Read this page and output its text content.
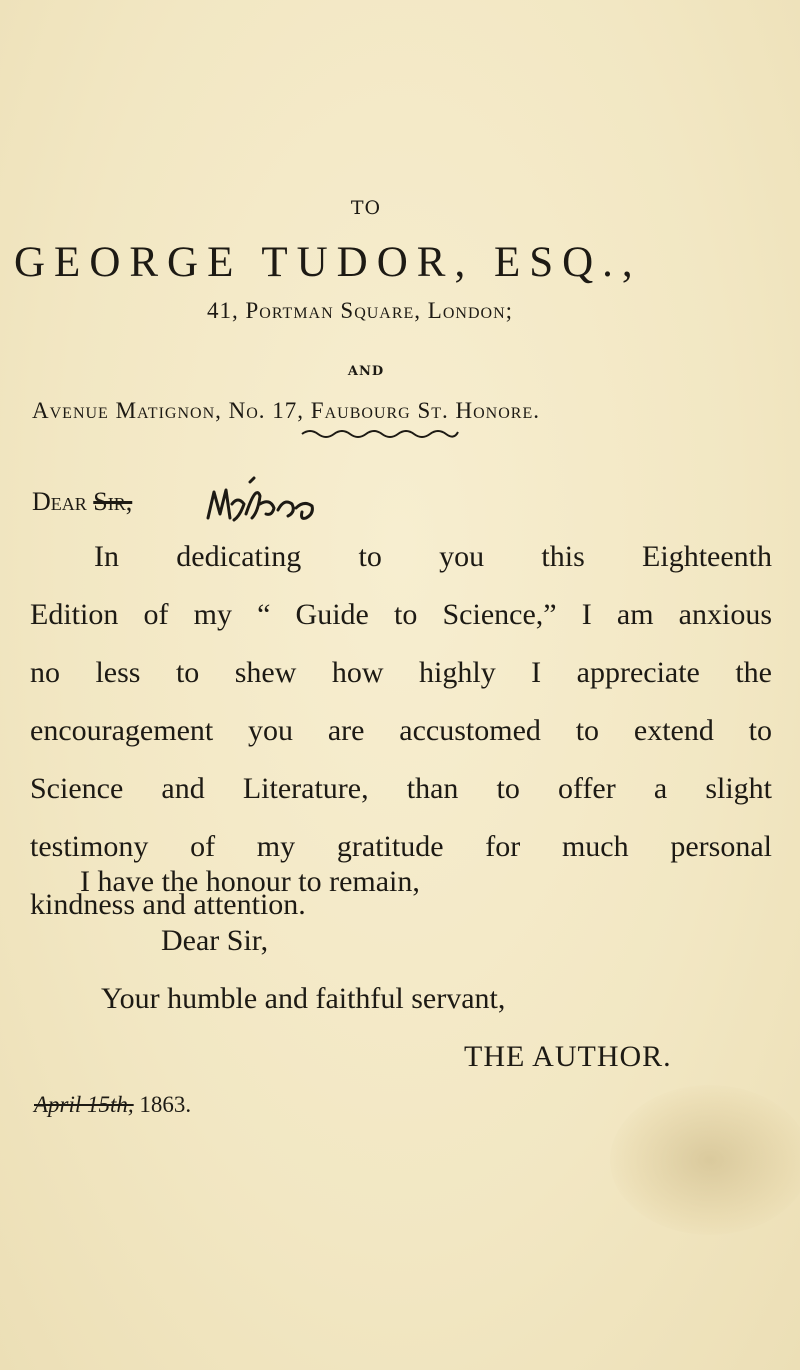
TO
GEORGE TUDOR, ESQ.,
41, Portman Square, London;
AND
Avenue Matignon, No. 17, Faubourg St. Honore.
Dear Sir,
In dedicating to you this Eighteenth
Edition of my “ Guide to Science,” I am anxious
no less to shew how highly I appreciate the
encouragement you are accustomed to extend to
Science and Literature, than to offer a slight
testimony of my gratitude for much personal
kindness and attention.
I have the honour to remain,
Dear Sir,
Your humble and faithful servant,
THE AUTHOR.
April 15th, 1863.
